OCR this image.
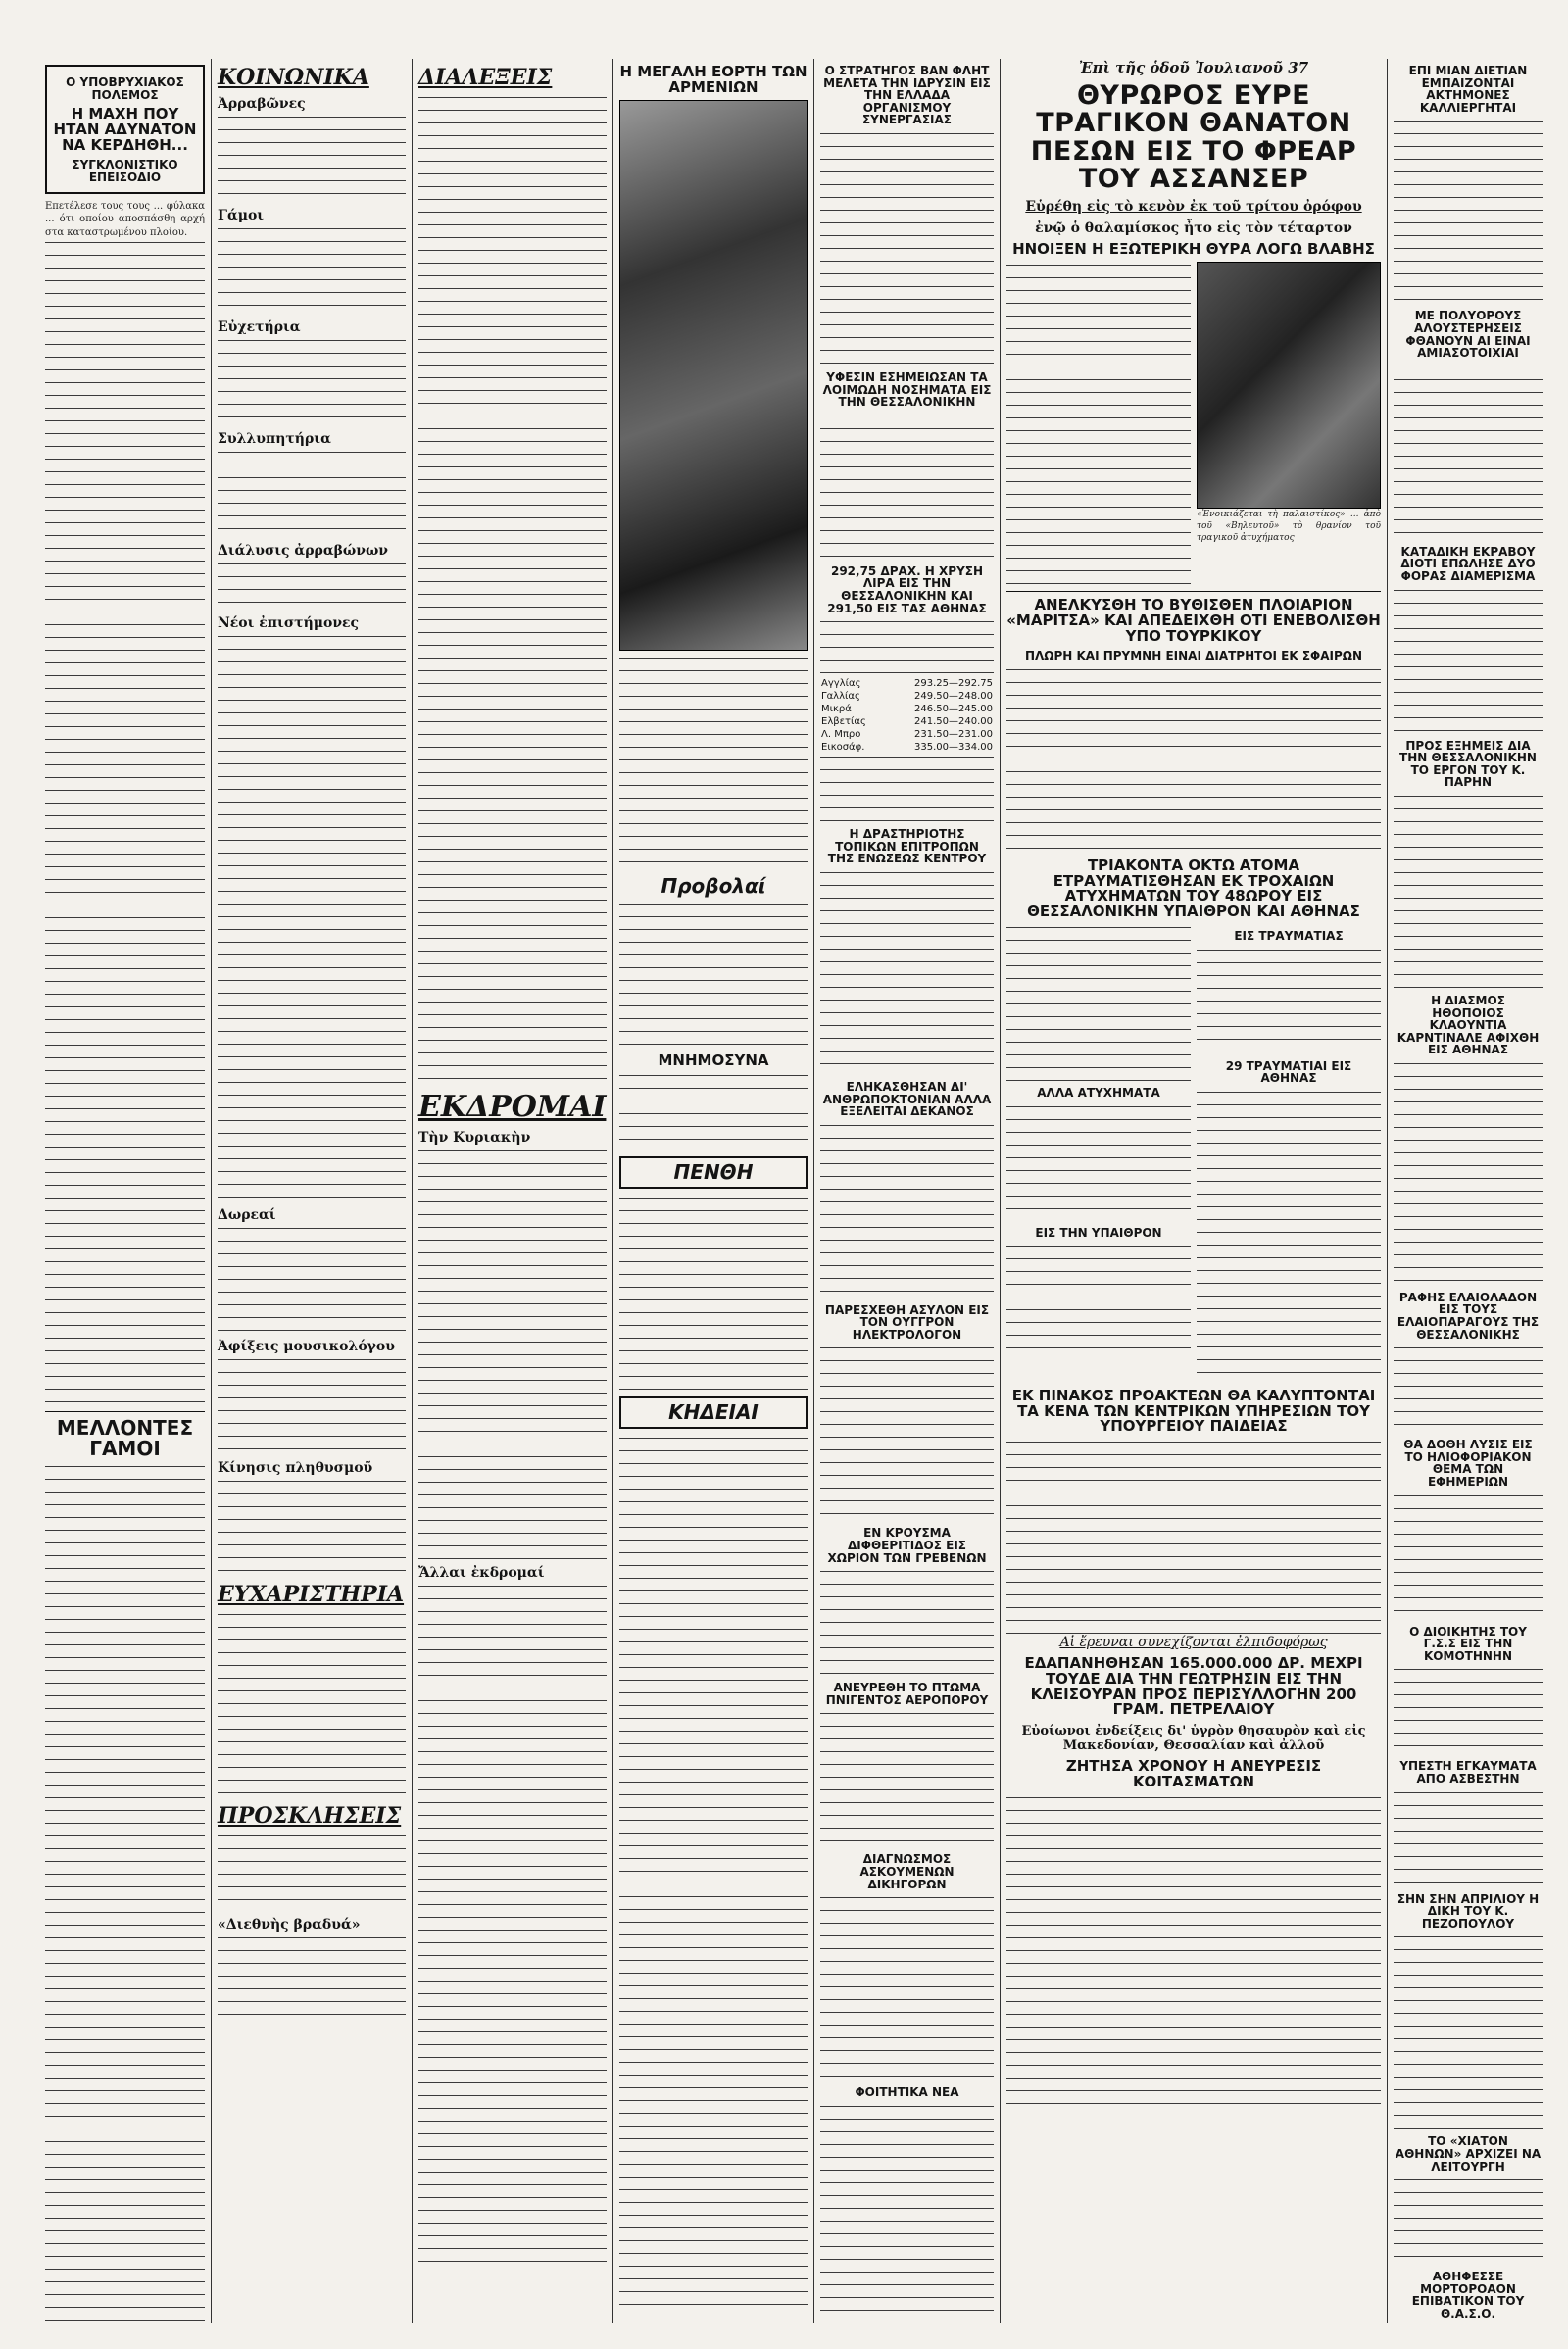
Ο ΥΠΟΒΡΥΧΙΑΚΟΣ ΠΟΛΕΜΟΣ
Η ΜΑΧΗ ΠΟΥ ΗΤΑΝ ΑΔΥΝΑΤΟΝ ΝΑ ΚΕΡΔΗΘΗ...
ΣΥΓΚΛΟΝΙΣΤΙΚΟ ΕΠΕΙΣΟΔΙΟ

Επετέλεσε τους τους ... φύλακα ... ότι οποίου αποσπάσθη αρχή στα καταστρωμένου πλοίου.

ΜΕΛΛΟΝΤΕΣ ΓΑΜΟΙ

ΚΟΙΝΩΝΙΚΑ
Ἀρραβῶνες

Γάμοι

Εὐχετήρια

Συλλυπητήρια

Διάλυσις ἀρραβώνων

Νέοι ἐπιστήμονες

Δωρεαί

Ἀφίξεις μουσικολόγου

Κίνησις πληθυσμοῦ

ΕΥΧΑΡΙΣΤΗΡΙΑ

ΠΡΟΣΚΛΗΣΕΙΣ

«Διεθνὴς βραδυά»

ΔΙΑΛΕΞΕΙΣ

ΕΚΔΡΟΜΑΙ
Τὴν Κυριακὴν

Ἄλλαι ἐκδρομαί

Η ΜΕΓΑΛΗ ΕΟΡΤΗ ΤΩΝ ΑΡΜΕΝΙΩΝ

Προβολαί

ΜΝΗΜΟΣΥΝΑ

ΠΕΝΘΗ

ΚΗΔΕΙΑΙ

Ο ΣΤΡΑΤΗΓΟΣ ΒΑΝ ΦΛΗΤ ΜΕΛΕΤΑ ΤΗΝ ΙΔΡΥΣΙΝ ΕΙΣ ΤΗΝ ΕΛΛΑΔΑ ΟΡΓΑΝΙΣΜΟΥ ΣΥΝΕΡΓΑΣΙΑΣ

ΥΦΕΣΙΝ ΕΣΗΜΕΙΩΣΑΝ ΤΑ ΛΟΙΜΩΔΗ ΝΟΣΗΜΑΤΑ ΕΙΣ ΤΗΝ ΘΕΣΣΑΛΟΝΙΚΗΝ

292,75 ΔΡΑΧ. Η ΧΡΥΣΗ ΛΙΡΑ ΕΙΣ ΤΗΝ ΘΕΣΣΑΛΟΝΙΚΗΝ ΚΑΙ 291,50 ΕΙΣ ΤΑΣ ΑΘΗΝΑΣ

Αγγλίας	293.25—292.75
Γαλλίας	249.50—248.00
Μικρά	246.50—245.00
Ελβετίας	241.50—240.00
Λ. Μπρο	231.50—231.00
Εικοσάφ.	335.00—334.00

Η ΔΡΑΣΤΗΡΙΟΤΗΣ ΤΟΠΙΚΩΝ ΕΠΙΤΡΟΠΩΝ ΤΗΣ ΕΝΩΣΕΩΣ ΚΕΝΤΡΟΥ

ΕΛΗΚΑΣΘΗΣΑΝ ΔΙ' ΑΝΘΡΩΠΟΚΤΟΝΙΑΝ ΑΛΛΑ ΕΞΕΛΕΙΤΑΙ ΔΕΚΑΝΟΣ

ΠΑΡΕΣΧΕΘΗ ΑΣΥΛΟΝ ΕΙΣ ΤΟΝ ΟΥΓΓΡΟΝ ΗΛΕΚΤΡΟΛΟΓΟΝ

ΕΝ ΚΡΟΥΣΜΑ ΔΙΦΘΕΡΙΤΙΔΟΣ ΕΙΣ ΧΩΡΙΟΝ ΤΩΝ ΓΡΕΒΕΝΩΝ

ΑΝΕΥΡΕΘΗ ΤΟ ΠΤΩΜΑ ΠΝΙΓΕΝΤΟΣ ΑΕΡΟΠΟΡΟΥ

ΔΙΑΓΝΩΣΜΟΣ ΑΣΚΟΥΜΕΝΩΝ ΔΙΚΗΓΟΡΩΝ

ΦΟΙΤΗΤΙΚΑ ΝΕΑ

Ἐπὶ τῆς ὁδοῦ Ἰουλιανοῦ 37
ΘΥΡΩΡΟΣ ΕΥΡΕ ΤΡΑΓΙΚΟΝ ΘΑΝΑΤΟΝ ΠΕΣΩΝ ΕΙΣ ΤΟ ΦΡΕΑΡ ΤΟΥ ΑΣΣΑΝΣΕΡ
Εὑρέθη εἰς τὸ κενὸν ἐκ τοῦ τρίτου ὀρόφου
ἐνῷ ὁ θαλαμίσκος ἦτο εἰς τὸν τέταρτον
ΗΝΟΙΞΕΝ Η ΕΞΩΤΕΡΙΚΗ ΘΥΡΑ ΛΟΓΩ ΒΛΑΒΗΣ

«Ἐνοικιάζεται τὴ παλαιστίκος» ... ἀπὸ τοῦ «Βηλευτοῦ» τὸ θρανίον τοῦ τραγικοῦ ἀτυχήματος

ΑΝΕΛΚΥΣΘΗ ΤΟ ΒΥΘΙΣΘΕΝ ΠΛΟΙΑΡΙΟΝ «ΜΑΡΙΤΣΑ» ΚΑΙ ΑΠΕΔΕΙΧΘΗ ΟΤΙ ΕΝΕΒΟΛΙΣΘΗ ΥΠΟ ΤΟΥΡΚΙΚΟΥ
ΠΛΩΡΗ ΚΑΙ ΠΡΥΜΝΗ ΕΙΝΑΙ ΔΙΑΤΡΗΤΟΙ ΕΚ ΣΦΑΙΡΩΝ

ΤΡΙΑΚΟΝΤΑ ΟΚΤΩ ΑΤΟΜΑ ΕΤΡΑΥΜΑΤΙΣΘΗΣΑΝ ΕΚ ΤΡΟΧΑΙΩΝ ΑΤΥΧΗΜΑΤΩΝ ΤΟΥ 48ΩΡΟΥ ΕΙΣ ΘΕΣΣΑΛΟΝΙΚΗΝ ΥΠΑΙΘΡΟΝ ΚΑΙ ΑΘΗΝΑΣ

ΑΛΛΑ ΑΤΥΧΗΜΑΤΑ

ΕΙΣ ΤΗΝ ΥΠΑΙΘΡΟΝ

ΕΙΣ ΤΡΑΥΜΑΤΙΑΣ

29 ΤΡΑΥΜΑΤΙΑΙ ΕΙΣ ΑΘΗΝΑΣ

ΕΚ ΠΙΝΑΚΟΣ ΠΡΟΑΚΤΕΩΝ ΘΑ ΚΑΛΥΠΤΟΝΤΑΙ ΤΑ ΚΕΝΑ ΤΩΝ ΚΕΝΤΡΙΚΩΝ ΥΠΗΡΕΣΙΩΝ ΤΟΥ ΥΠΟΥΡΓΕΙΟΥ ΠΑΙΔΕΙΑΣ

Αἱ ἔρευναι συνεχίζονται ἐλπιδοφόρως
ΕΔΑΠΑΝΗΘΗΣΑΝ 165.000.000 ΔΡ. ΜΕΧΡΙ ΤΟΥΔΕ ΔΙΑ ΤΗΝ ΓΕΩΤΡΗΣΙΝ ΕΙΣ ΤΗΝ ΚΛΕΙΣΟΥΡΑΝ ΠΡΟΣ ΠΕΡΙΣΥΛΛΟΓΗΝ 200 ΓΡΑΜ. ΠΕΤΡΕΛΑΙΟΥ
Εὐοίωνοι ἐνδείξεις δι' ὑγρὸν θησαυρὸν καὶ εἰς Μακεδονίαν, Θεσσαλίαν καὶ ἀλλοῦ
ΖΗΤΗΣΑ ΧΡΟΝΟΥ Η ΑΝΕΥΡΕΣΙΣ ΚΟΙΤΑΣΜΑΤΩΝ

ΕΠΙ ΜΙΑΝ ΔΙΕΤΙΑΝ ΕΜΠΑΙΖΟΝΤΑΙ ΑΚΤΗΜΟΝΕΣ ΚΑΛΛΙΕΡΓΗΤΑΙ

ΜΕ ΠΟΛΥΟΡΟΥΣ ΑΛΟΥΣΤΕΡΗΣΕΙΣ ΦΘΑΝΟΥΝ ΑΙ ΕΙΝΑΙ ΑΜΙΑΣΟΤΟΙΧΙΑΙ

ΚΑΤΑΔΙΚΗ ΕΚΡΑΒΟΥ ΔΙΟΤΙ ΕΠΩΛΗΣΕ ΔΥΟ ΦΟΡΑΣ ΔΙΑΜΕΡΙΣΜΑ

ΠΡΟΣ ΕΞΗΜΕΙΣ ΔΙΑ ΤΗΝ ΘΕΣΣΑΛΟΝΙΚΗΝ ΤΟ ΕΡΓΟΝ ΤΟΥ Κ. ΠΑΡΗΝ

Η ΔΙΑΣΜΟΣ ΗΘΟΠΟΙΟΣ ΚΛΑΟΥΝΤΙΑ ΚΑΡΝΤΙΝΑΛΕ ΑΦΙΧΘΗ ΕΙΣ ΑΘΗΝΑΣ

ΡΑΦΗΣ ΕΛΑΙΟΛΑΔΟΝ ΕΙΣ ΤΟΥΣ ΕΛΑΙΟΠΑΡΑΓΟΥΣ ΤΗΣ ΘΕΣΣΑΛΟΝΙΚΗΣ

ΘΑ ΔΟΘΗ ΛΥΣΙΣ ΕΙΣ ΤΟ ΗΛΙΟΦΟΡΙΑΚΟΝ ΘΕΜΑ ΤΩΝ ΕΦΗΜΕΡΙΩΝ

Ο ΔΙΟΙΚΗΤΗΣ ΤΟΥ Γ.Σ.Σ ΕΙΣ ΤΗΝ ΚΟΜΟΤΗΝΗΝ

ΥΠΕΣΤΗ ΕΓΚΑΥΜΑΤΑ ΑΠΟ ΑΣΒΕΣΤΗΝ

ΣΗΝ ΣΗΝ ΑΠΡΙΛΙΟΥ Η ΔΙΚΗ ΤΟΥ Κ. ΠΕΖΟΠΟΥΛΟΥ

ΤΟ «ΧΙΑΤΟΝ ΑΘΗΝΩΝ» ΑΡΧΙΖΕΙ ΝΑ ΛΕΙΤΟΥΡΓΗ

ΑΘΗΦΕΣΣΕ ΜΟΡΤΟΡΟΑΟΝ ΕΠΙΒΑΤΙΚΟΝ ΤΟΥ Θ.Α.Σ.Ο.
